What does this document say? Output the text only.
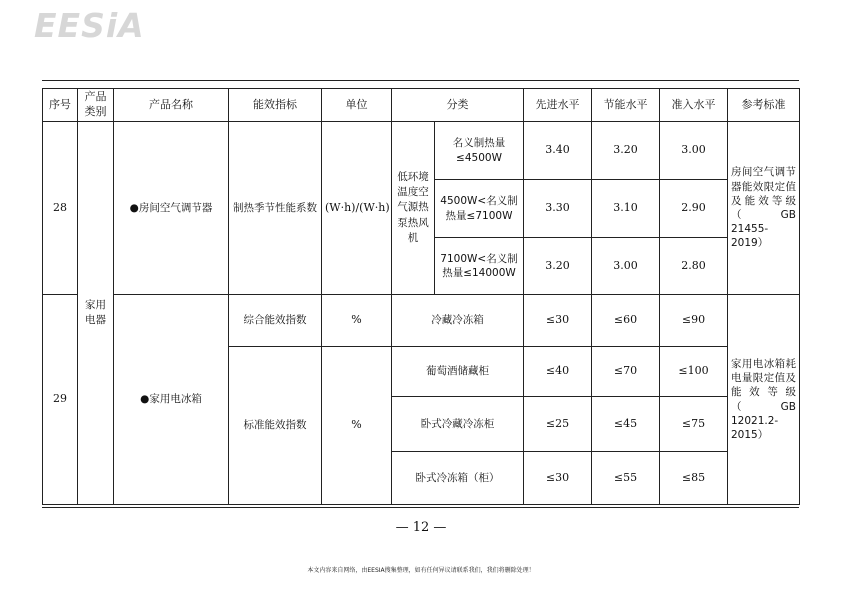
EESiA
序号	产品类别	产品名称	能效指标	单位	分类		先进水平	节能水平	准入水平	参考标准
28	家用电器	●房间空气调节器	制热季节性能系数	(W·h)/(W·h)	低环境温度空气源热泵热风机	名义制热量≤4500W	3.40	3.20	3.00	房间空气调节器能效限定值及能效等级（GB 21455-2019）
						4500W<名义制热量≤7100W	3.30	3.10	2.90	
						7100W<名义制热量≤14000W	3.20	3.00	2.80	
29		●家用电冰箱	综合能效指数	%	冷藏冷冻箱		≤30	≤60	≤90	家用电冰箱耗电量限定值及能效等级（GB 12021.2-2015）
			标准能效指数	%	葡萄酒储藏柜		≤40	≤70	≤100	
					卧式冷藏冷冻柜		≤25	≤45	≤75	
					卧式冷冻箱（柜）		≤30	≤55	≤85	
— 12 —
本文内容来自网络，由EESIA搜集整理，如有任何异议请联系我们，我们将删除处理！
